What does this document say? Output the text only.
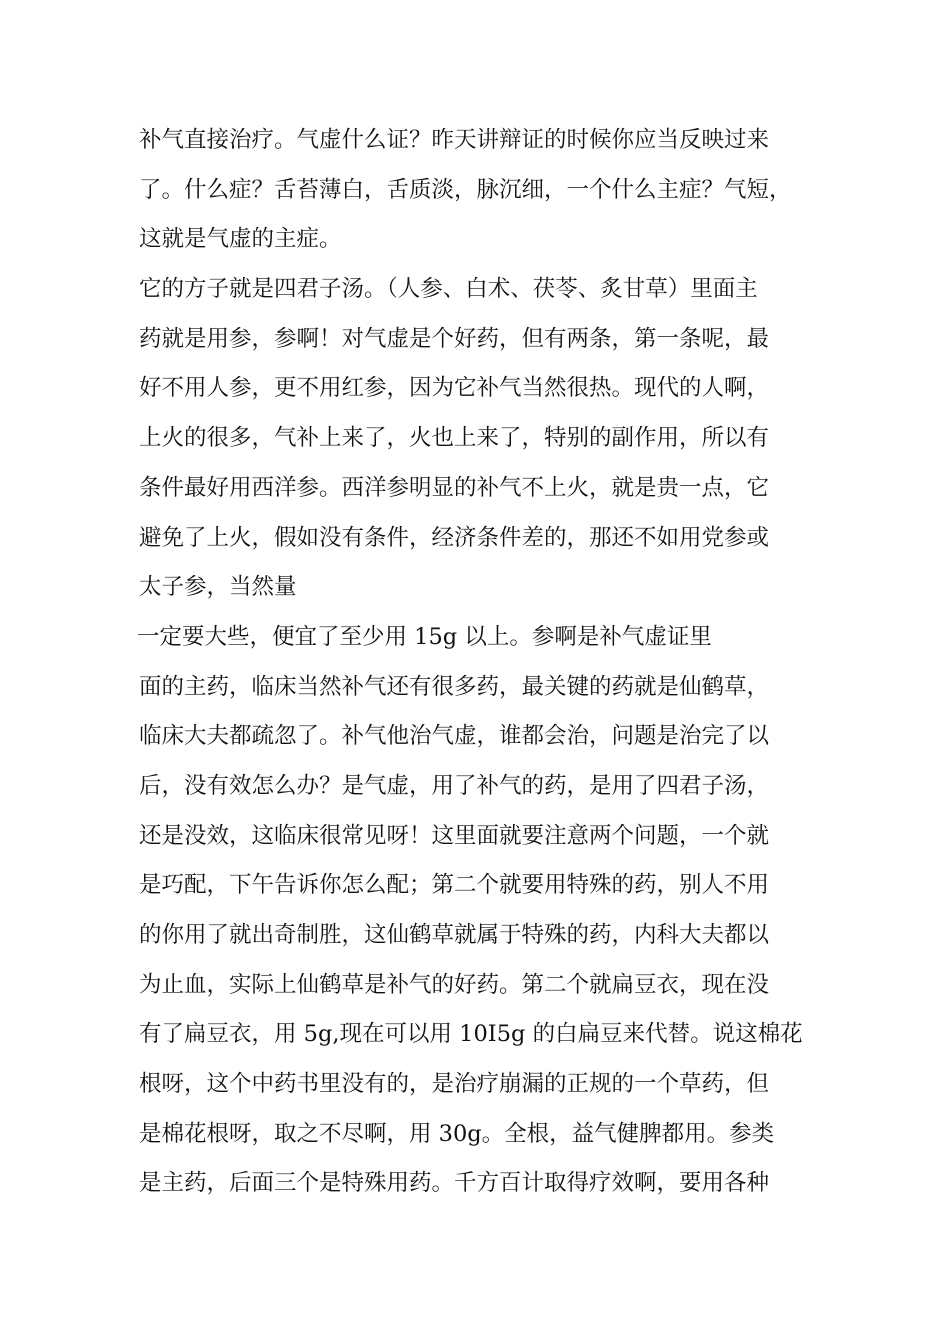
补气直接治疗。气虚什么证？昨天讲辩证的时候你应当反映过来
了。什么症？舌苔薄白，舌质淡，脉沉细，一个什么主症？气短，
这就是气虚的主症。
它的方子就是四君子汤。（人参、白术、茯苓、炙甘草）里面主
药就是用参，参啊！对气虚是个好药，但有两条，第一条呢，最
好不用人参，更不用红参，因为它补气当然很热。现代的人啊，
上火的很多，气补上来了，火也上来了，特别的副作用，所以有
条件最好用西洋参。西洋参明显的补气不上火，就是贵一点，它
避免了上火，假如没有条件，经济条件差的，那还不如用党参或
太子参，当然量
一定要大些，便宜了至少用 15g 以上。参啊是补气虚证里
面的主药，临床当然补气还有很多药，最关键的药就是仙鹤草，
临床大夫都疏忽了。补气他治气虚，谁都会治，问题是治完了以
后，没有效怎么办？是气虚，用了补气的药，是用了四君子汤，
还是没效，这临床很常见呀！这里面就要注意两个问题，一个就
是巧配，下午告诉你怎么配；第二个就要用特殊的药，别人不用
的你用了就出奇制胜，这仙鹤草就属于特殊的药，内科大夫都以
为止血，实际上仙鹤草是补气的好药。第二个就扁豆衣，现在没
有了扁豆衣，用 5g,现在可以用 10I5g 的白扁豆来代替。说这棉花
根呀，这个中药书里没有的，是治疗崩漏的正规的一个草药，但
是棉花根呀，取之不尽啊，用 30g。全根，益气健脾都用。参类
是主药，后面三个是特殊用药。千方百计取得疗效啊，要用各种
